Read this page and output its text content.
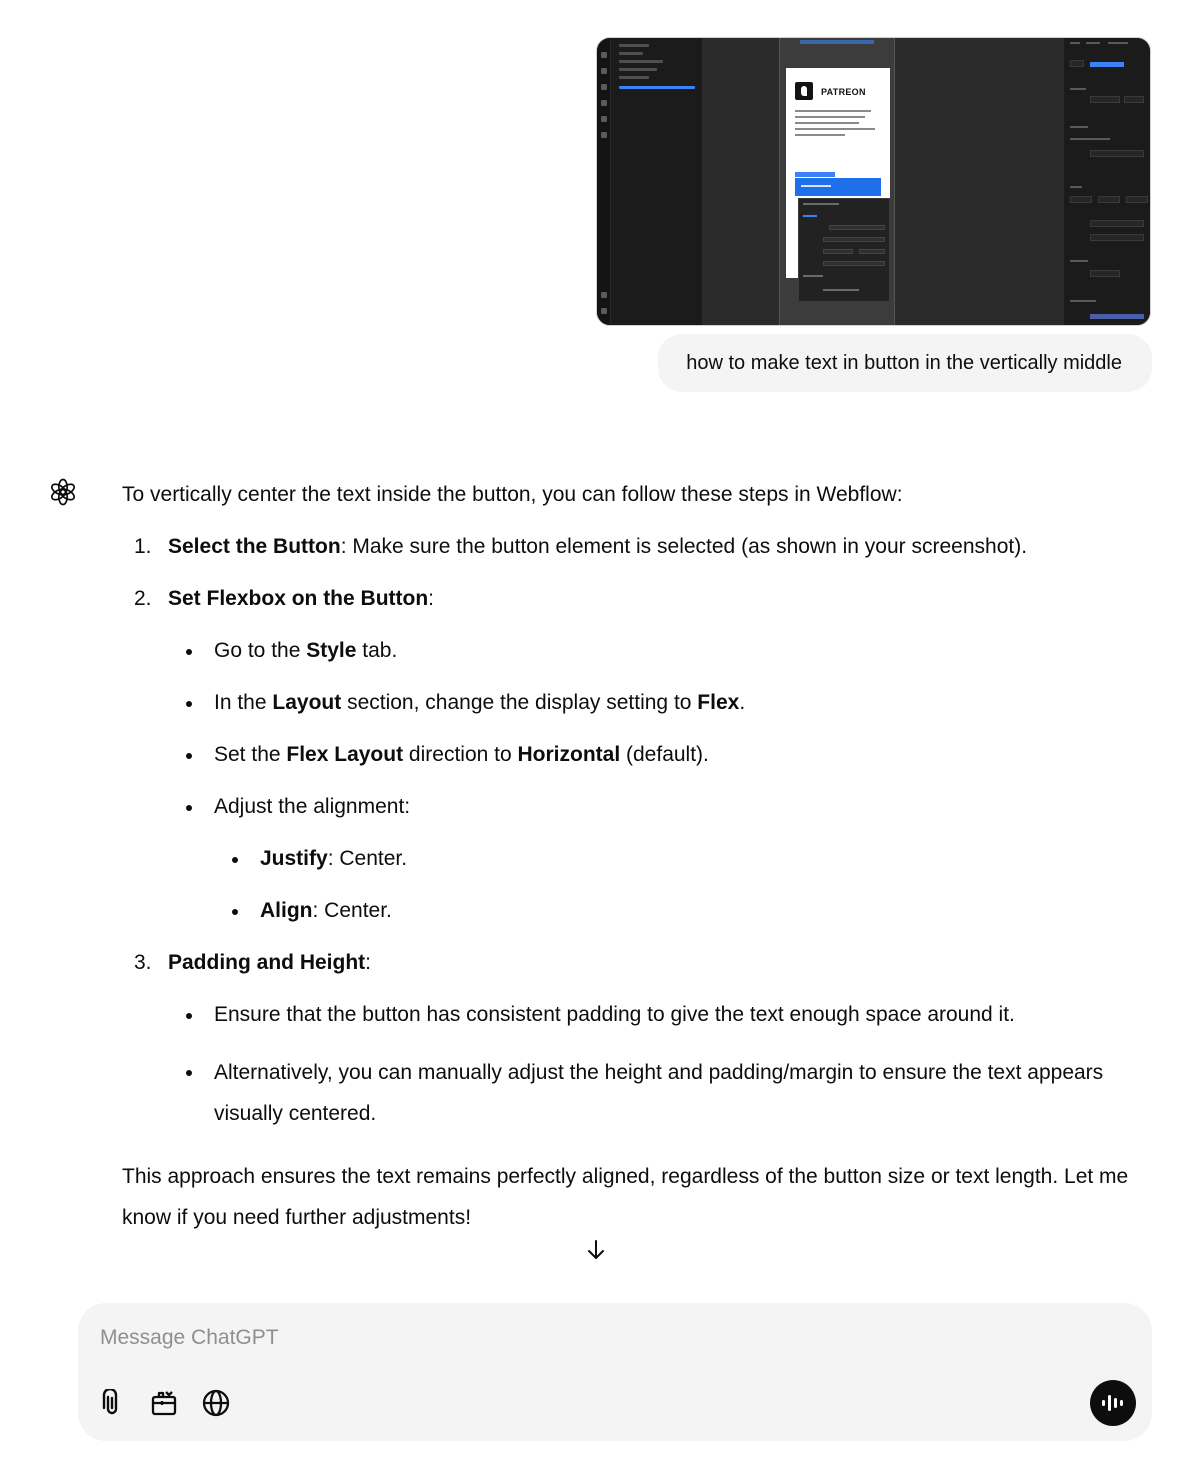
PATREON
how to make text in button in the vertically middle

To vertically center the text inside the button, you can follow these steps in Webflow:

1. Select the Button: Make sure the button element is selected (as shown in your screenshot).
2. Set Flexbox on the Button:
Go to the Style tab.
In the Layout section, change the display setting to Flex.
Set the Flex Layout direction to Horizontal (default).
Adjust the alignment:
Justify: Center.
Align: Center.
3. Padding and Height:
Ensure that the button has consistent padding to give the text enough space around it.
Alternatively, you can manually adjust the height and padding/margin to ensure the text appears visually centered.

This approach ensures the text remains perfectly aligned, regardless of the button size or text length. Let me know if you need further adjustments!

Message ChatGPT
